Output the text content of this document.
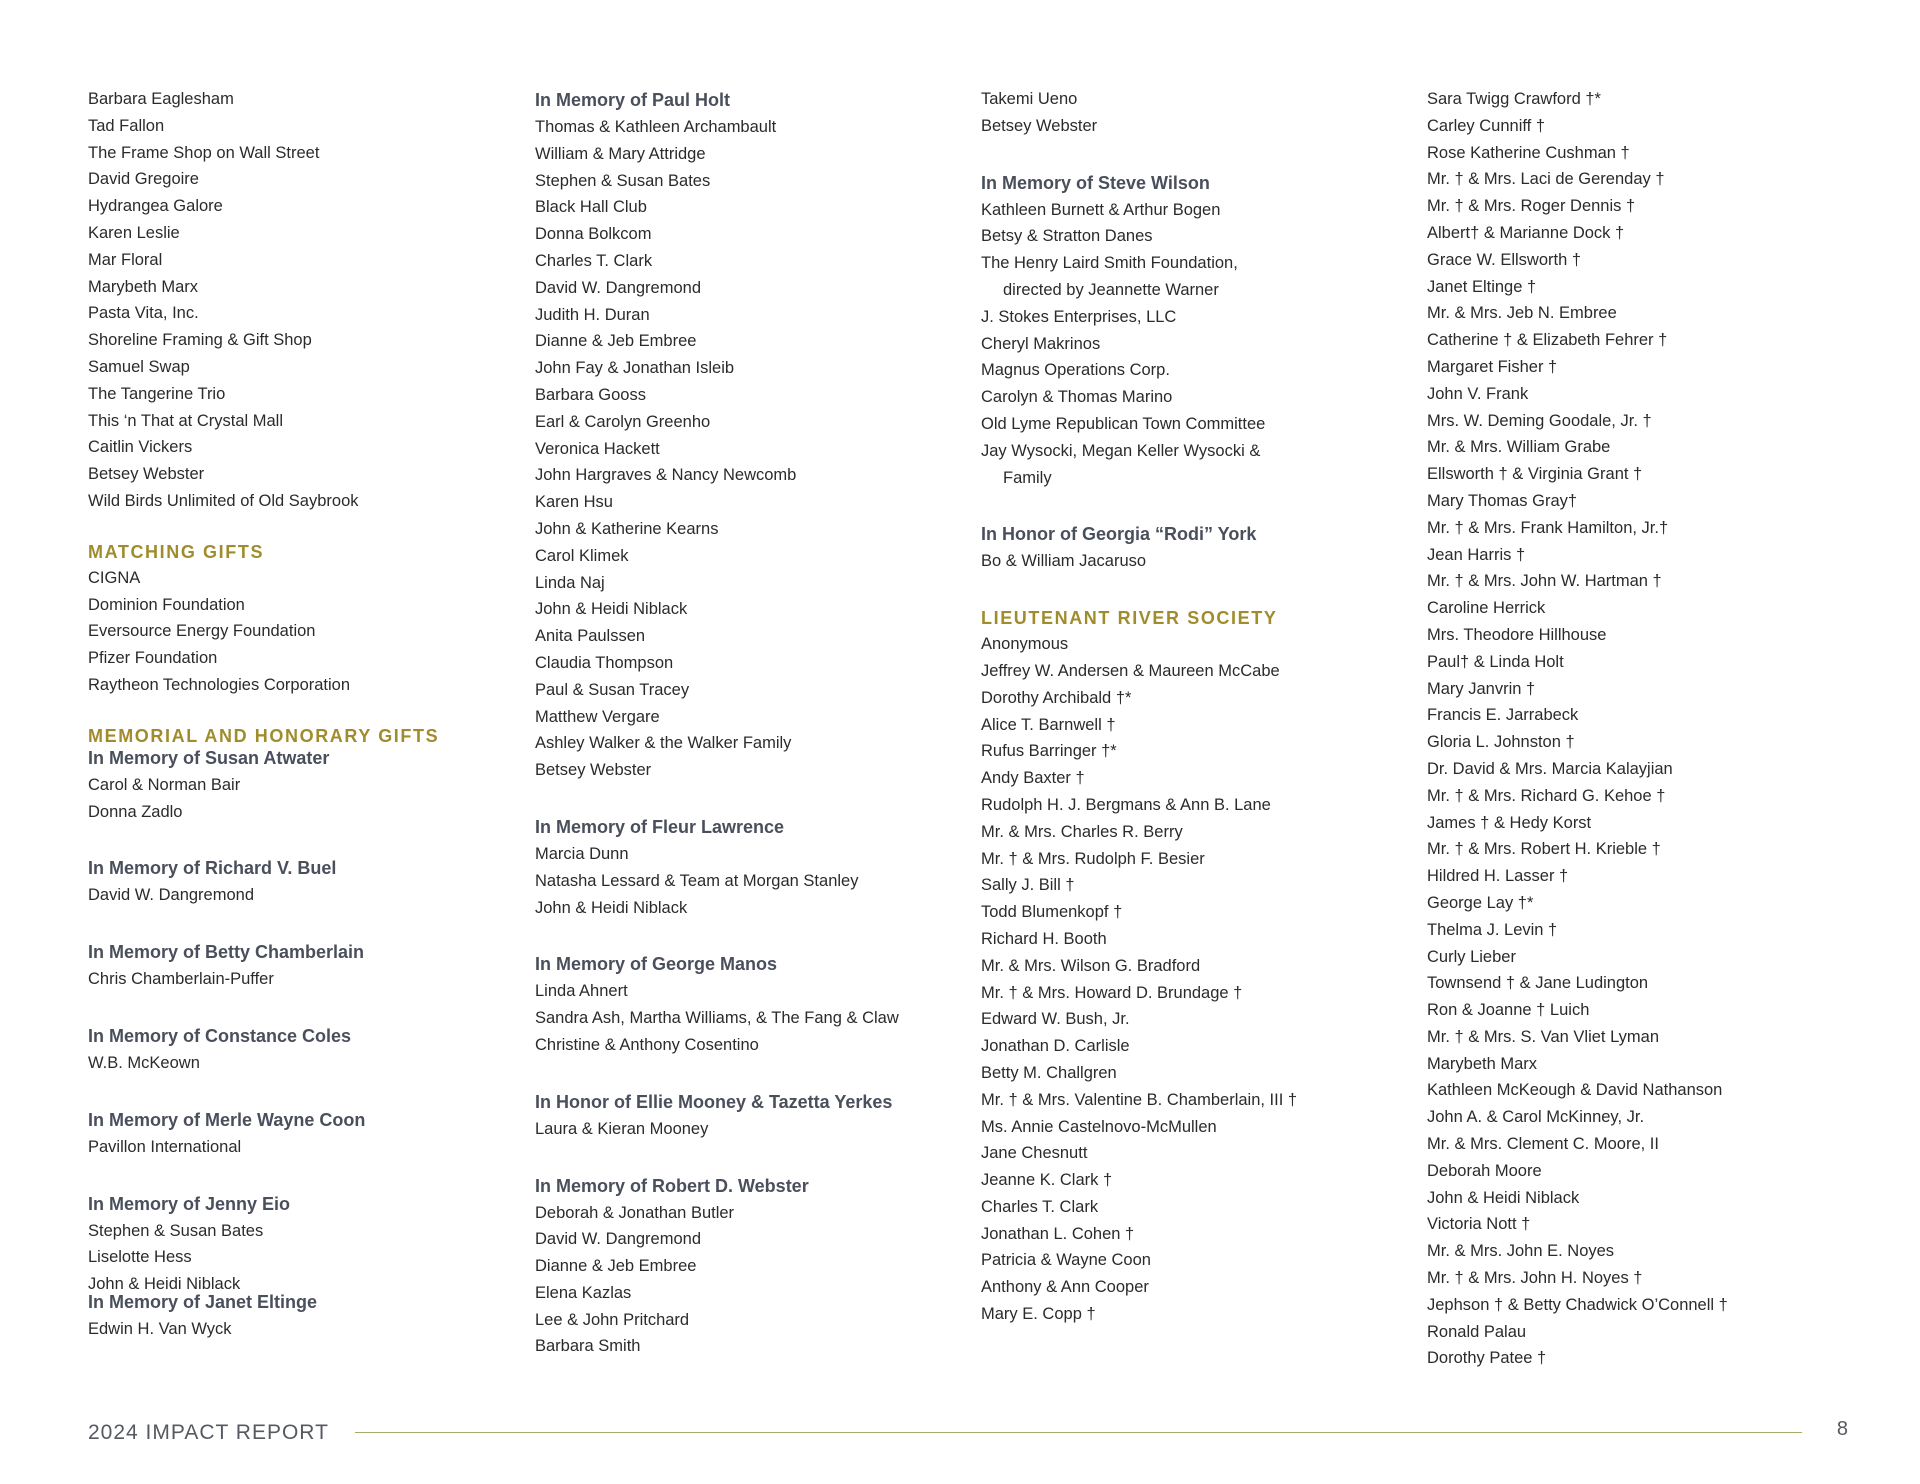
Barbara Eaglesham
Tad Fallon
The Frame Shop on Wall Street
David Gregoire
Hydrangea Galore
Karen Leslie
Mar Floral
Marybeth Marx
Pasta Vita, Inc.
Shoreline Framing & Gift Shop
Samuel Swap
The Tangerine Trio
This ‘n That at Crystal Mall
Caitlin Vickers
Betsey Webster
Wild Birds Unlimited of Old Saybrook
MATCHING GIFTS
CIGNA
Dominion Foundation
Eversource Energy Foundation
Pfizer Foundation
Raytheon Technologies Corporation
MEMORIAL AND HONORARY GIFTS
In Memory of Susan Atwater
Carol & Norman Bair
Donna Zadlo
In Memory of Richard V. Buel
David W. Dangremond
In Memory of Betty Chamberlain
Chris Chamberlain-Puffer
In Memory of Constance Coles
W.B. McKeown
In Memory of Merle Wayne Coon
Pavillon International
In Memory of Jenny Eio
Stephen & Susan Bates
Liselotte Hess
John & Heidi Niblack
In Memory of Janet Eltinge
Edwin H. Van Wyck
In Memory of Paul Holt
Thomas & Kathleen Archambault
William & Mary Attridge
Stephen & Susan Bates
Black Hall Club
Donna Bolkcom
Charles T. Clark
David W. Dangremond
Judith H. Duran
Dianne & Jeb Embree
John Fay & Jonathan Isleib
Barbara Gooss
Earl & Carolyn Greenho
Veronica Hackett
John Hargraves & Nancy Newcomb
Karen Hsu
John & Katherine Kearns
Carol Klimek
Linda Naj
John & Heidi Niblack
Anita Paulssen
Claudia Thompson
Paul & Susan Tracey
Matthew Vergare
Ashley Walker & the Walker Family
Betsey Webster
In Memory of Fleur Lawrence
Marcia Dunn
Natasha Lessard & Team at Morgan Stanley
John & Heidi Niblack
In Memory of George Manos
Linda Ahnert
Sandra Ash, Martha Williams, & The Fang & Claw
Christine & Anthony Cosentino
In Honor of Ellie Mooney & Tazetta Yerkes
Laura & Kieran Mooney
In Memory of Robert D. Webster
Deborah & Jonathan Butler
David W. Dangremond
Dianne & Jeb Embree
Elena Kazlas
Lee & John Pritchard
Barbara Smith
Takemi Ueno
Betsey Webster
In Memory of Steve Wilson
Kathleen Burnett & Arthur Bogen
Betsy & Stratton Danes
The Henry Laird Smith Foundation,
directed by Jeannette Warner
J. Stokes Enterprises, LLC
Cheryl Makrinos
Magnus Operations Corp.
Carolyn & Thomas Marino
Old Lyme Republican Town Committee
Jay Wysocki, Megan Keller Wysocki &
Family
In Honor of Georgia “Rodi” York
Bo & William Jacaruso
LIEUTENANT RIVER SOCIETY
Anonymous
Jeffrey W. Andersen & Maureen McCabe
Dorothy Archibald †*
Alice T. Barnwell †
Rufus Barringer †*
Andy Baxter †
Rudolph H. J. Bergmans & Ann B. Lane
Mr. & Mrs. Charles R. Berry
Mr. † & Mrs. Rudolph F. Besier
Sally J. Bill †
Todd Blumenkopf †
Richard H. Booth
Mr. & Mrs. Wilson G. Bradford
Mr. † & Mrs. Howard D. Brundage †
Edward W. Bush, Jr.
Jonathan D. Carlisle
Betty M. Challgren
Mr. † & Mrs. Valentine B. Chamberlain, III †
Ms. Annie Castelnovo-McMullen
Jane Chesnutt
Jeanne K. Clark †
Charles T. Clark
Jonathan L. Cohen †
Patricia & Wayne Coon
Anthony & Ann Cooper
Mary E. Copp †
Sara Twigg Crawford †*
Carley Cunniff †
Rose Katherine Cushman †
Mr. † & Mrs. Laci de Gerenday †
Mr. † & Mrs. Roger Dennis †
Albert† & Marianne Dock †
Grace W. Ellsworth †
Janet Eltinge †
Mr. & Mrs. Jeb N. Embree
Catherine † & Elizabeth Fehrer †
Margaret Fisher †
John V. Frank
Mrs. W. Deming Goodale, Jr. †
Mr. & Mrs. William Grabe
Ellsworth † & Virginia Grant †
Mary Thomas Gray†
Mr. † & Mrs. Frank Hamilton, Jr.†
Jean Harris †
Mr. † & Mrs. John W. Hartman †
Caroline Herrick
Mrs. Theodore Hillhouse
Paul† & Linda Holt
Mary Janvrin †
Francis E. Jarrabeck
Gloria L. Johnston †
Dr. David & Mrs. Marcia Kalayjian
Mr. † & Mrs. Richard G. Kehoe †
James † & Hedy Korst
Mr. † & Mrs. Robert H. Krieble †
Hildred H. Lasser †
George Lay †*
Thelma J. Levin †
Curly Lieber
Townsend † & Jane Ludington
Ron & Joanne † Luich
Mr. † & Mrs. S. Van Vliet Lyman
Marybeth Marx
Kathleen McKeough & David Nathanson
John A. & Carol McKinney, Jr.
Mr. & Mrs. Clement C. Moore, II
Deborah Moore
John & Heidi Niblack
Victoria Nott †
Mr. & Mrs. John E. Noyes
Mr. † & Mrs. John H. Noyes †
Jephson † & Betty Chadwick O’Connell †
Ronald Palau
Dorothy Patee †
2024 IMPACT REPORT	8
